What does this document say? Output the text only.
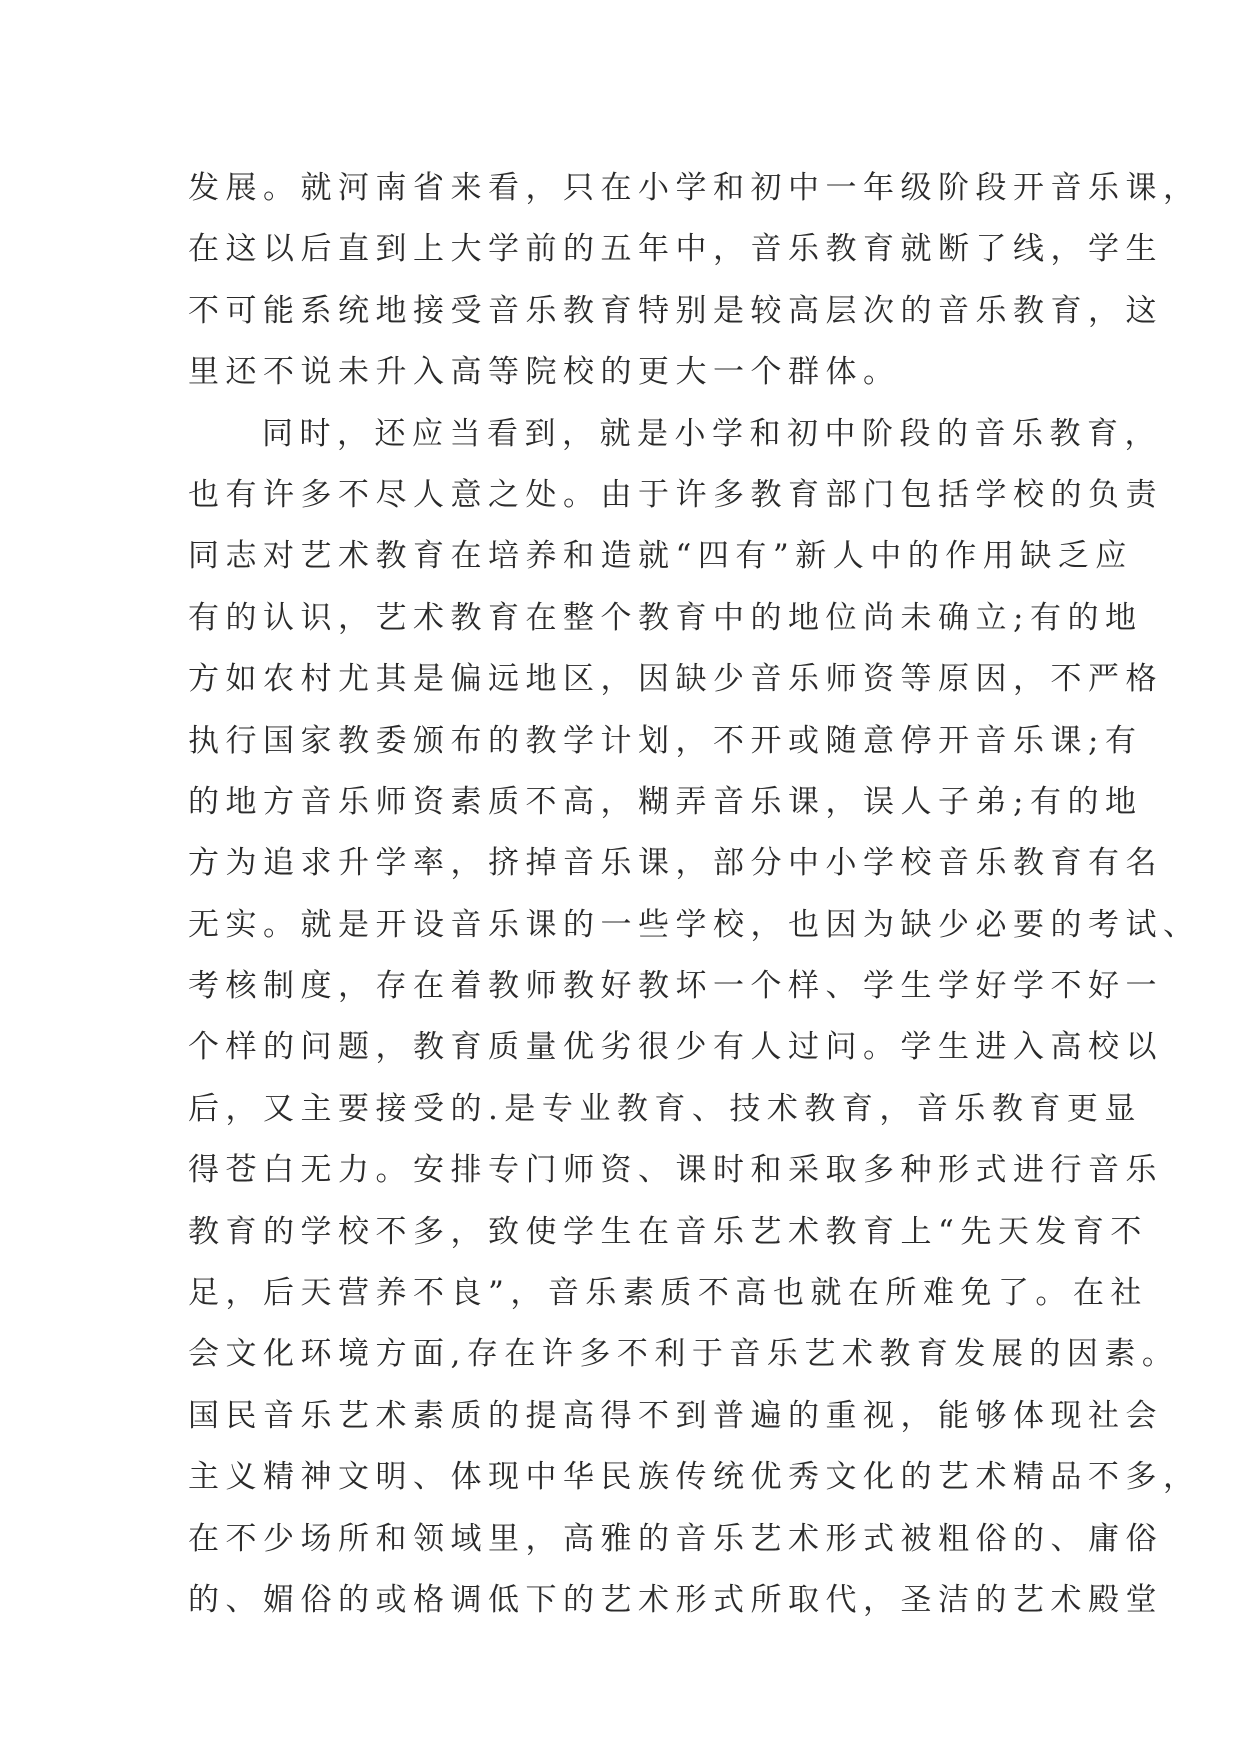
发展。就河南省来看，只在小学和初中一年级阶段开音乐课，
在这以后直到上大学前的五年中，音乐教育就断了线，学生
不可能系统地接受音乐教育特别是较高层次的音乐教育，这
里还不说未升入高等院校的更大一个群体。
同时，还应当看到，就是小学和初中阶段的音乐教育，
也有许多不尽人意之处。由于许多教育部门包括学校的负责
同志对艺术教育在培养和造就“四有”新人中的作用缺乏应
有的认识，艺术教育在整个教育中的地位尚未确立;有的地
方如农村尤其是偏远地区，因缺少音乐师资等原因，不严格
执行国家教委颁布的教学计划，不开或随意停开音乐课;有
的地方音乐师资素质不高，糊弄音乐课，误人子弟;有的地
方为追求升学率，挤掉音乐课，部分中小学校音乐教育有名
无实。就是开设音乐课的一些学校，也因为缺少必要的考试、
考核制度，存在着教师教好教坏一个样、学生学好学不好一
个样的问题，教育质量优劣很少有人过问。学生进入高校以
后，又主要接受的.是专业教育、技术教育，音乐教育更显
得苍白无力。安排专门师资、课时和采取多种形式进行音乐
教育的学校不多，致使学生在音乐艺术教育上“先天发育不
足，后天营养不良”，音乐素质不高也就在所难免了。在社
会文化环境方面,存在许多不利于音乐艺术教育发展的因素。
国民音乐艺术素质的提高得不到普遍的重视，能够体现社会
主义精神文明、体现中华民族传统优秀文化的艺术精品不多，
在不少场所和领域里，高雅的音乐艺术形式被粗俗的、庸俗
的、媚俗的或格调低下的艺术形式所取代，圣洁的艺术殿堂
